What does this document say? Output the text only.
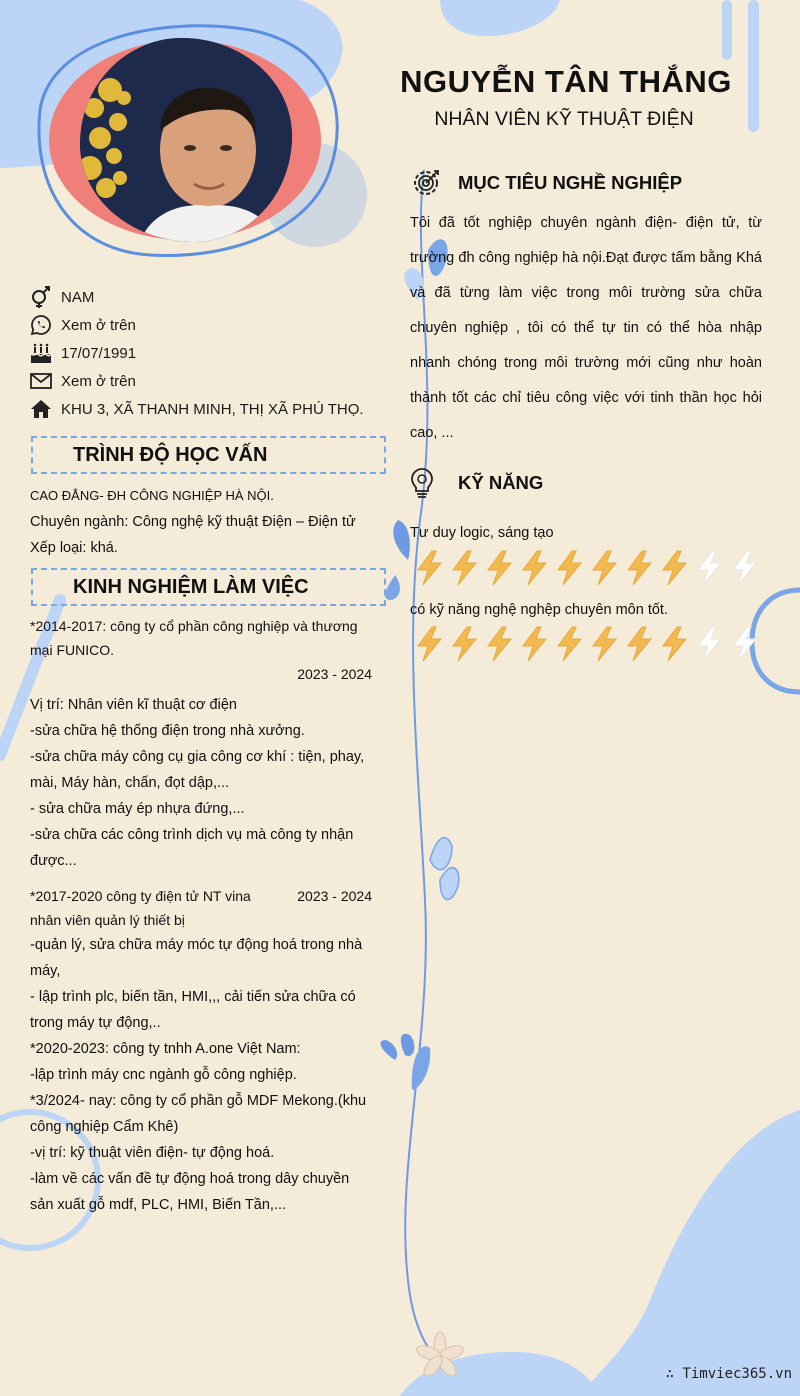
NGUYỄN TÂN THẮNG
NHÂN VIÊN KỸ THUẬT ĐIỆN
NAM
Xem ở trên
17/07/1991
Xem ở trên
KHU 3, XÃ THANH MINH, THỊ XÃ PHÚ THỌ.
TRÌNH ĐỘ HỌC VẤN
CAO ĐẲNG- ĐH CÔNG NGHIỆP HÀ NỘI.
Chuyên ngành: Công nghệ kỹ thuật Điện – Điện tử
Xếp loại: khá.
KINH NGHIỆM LÀM VIỆC
*2014-2017: công ty cổ phần công nghiệp và thương mại FUNICO.
2023 - 2024
Vị trí: Nhân viên kĩ thuật cơ điện
-sửa chữa hệ thống điện trong nhà xưởng.
-sửa chữa máy công cụ gia công cơ khí : tiện, phay, mài, Máy hàn, chấn, đọt dập,...
- sửa chữa máy ép nhựa đứng,...
-sửa chữa các công trình dịch vụ mà công ty nhận được...
*2017-2020 công ty điện tử NT vina	2023 - 2024
nhân viên quản lý thiết bị
-quản lý, sửa chữa máy móc tự động hoá trong nhà máy,
- lập trình plc, biến tần, HMI,,, cải tiến sửa chữa có trong máy tự động,..
*2020-2023: công ty tnhh A.one Việt Nam:
-lập trình máy cnc ngành gỗ công nghiệp.
*3/2024- nay: công ty cổ phần gỗ MDF Mekong.(khu công nghiệp Cẩm Khê)
-vị trí: kỹ thuật viên điện- tự động hoá.
-làm về các vấn đề tự động hoá trong dây chuyền sản xuất gỗ mdf, PLC, HMI, Biến Tần,...
MỤC TIÊU NGHỀ NGHIỆP
Tôi đã tốt nghiệp chuyên ngành điện- điện tử, từ trường đh công nghiệp hà nội.Đạt được tấm bằng Khá và đã từng làm việc trong môi trường sửa chữa chuyên nghiệp , tôi có thể tự tin có thể hòa nhập nhanh chóng trong môi trường mới cũng như hoàn thành tốt các chỉ tiêu công việc với tinh thần học hỏi cao, ...
KỸ NĂNG
Tư duy logic, sáng tạo
có kỹ năng nghệ nghệp chuyên môn tốt.
∴ Timviec365.vn
